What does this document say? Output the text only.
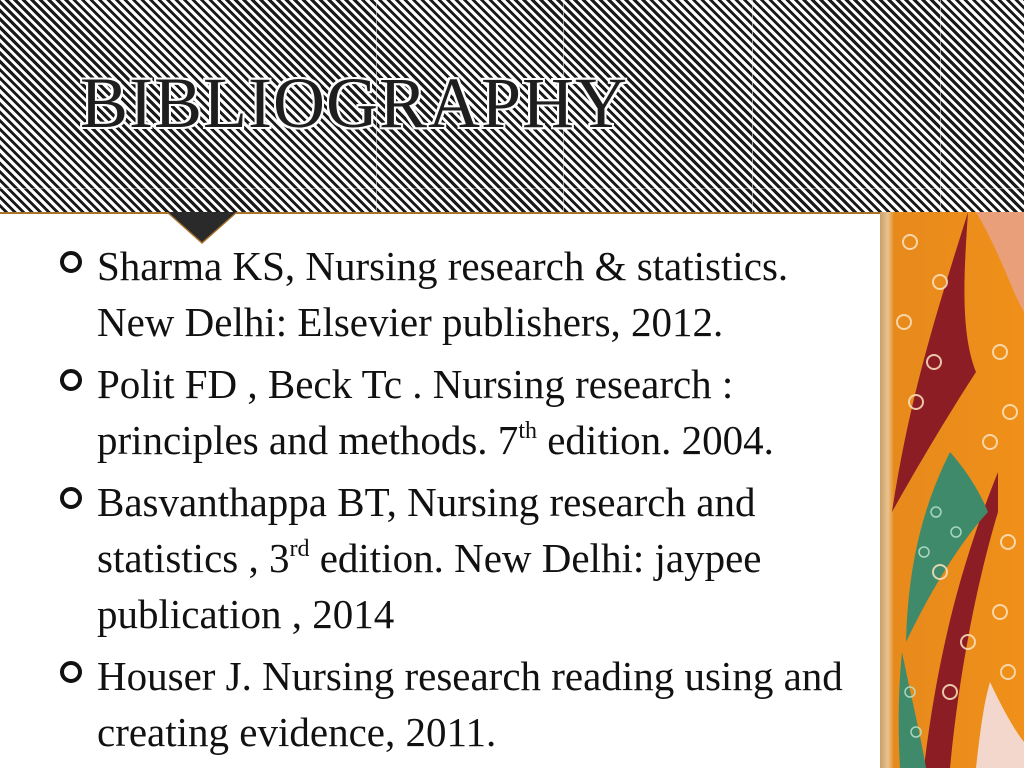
BIBLIOGRAPHY

Sharma KS, Nursing research & statistics. New Delhi: Elsevier publishers, 2012.

Polit FD , Beck Tc . Nursing research : principles and methods. 7th edition. 2004.

Basvanthappa BT, Nursing research and statistics , 3rd edition. New Delhi: jaypee publication , 2014

Houser J. Nursing research reading using and creating evidence, 2011.
